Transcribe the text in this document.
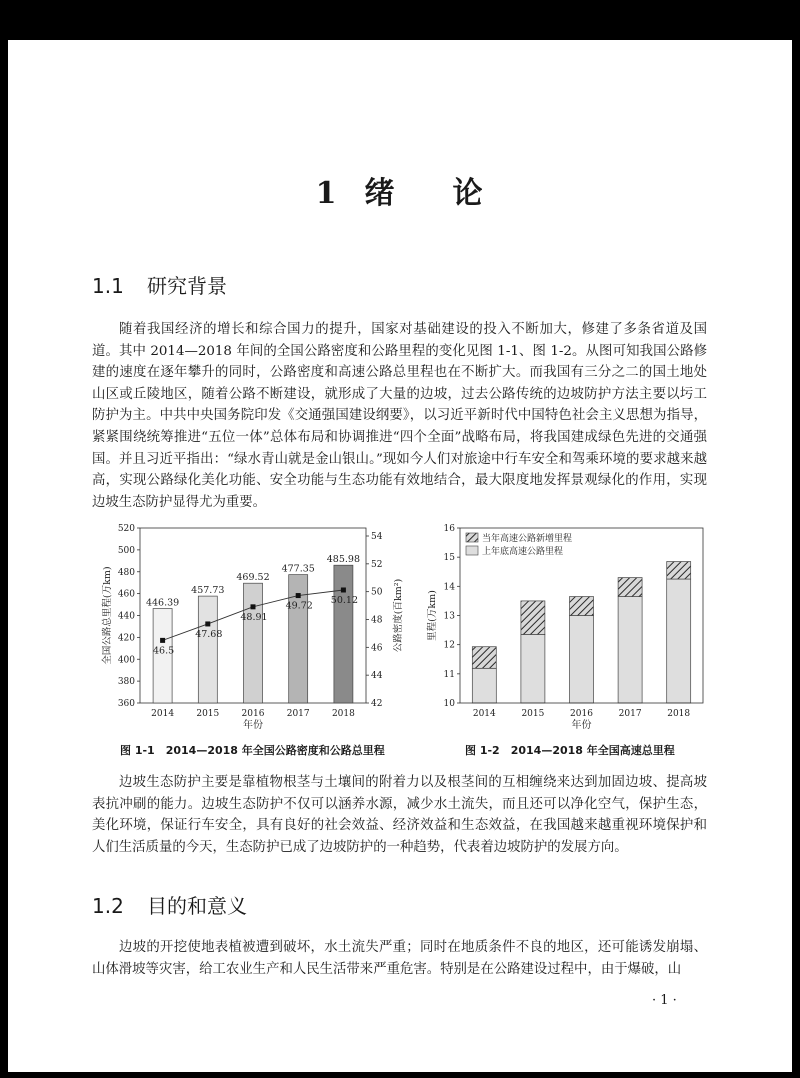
1 绪 论
1.1 研究背景
随着我国经济的增长和综合国力的提升，国家对基础建设的投入不断加大，修建了多条省道及国道。其中 2014—2018 年间的全国公路密度和公路里程的变化见图 1-1、图 1-2。从图可知我国公路修建的速度在逐年攀升的同时，公路密度和高速公路总里程也在不断扩大。而我国有三分之二的国土地处山区或丘陵地区，随着公路不断建设，就形成了大量的边坡，过去公路传统的边坡防护方法主要以圬工防护为主。中共中央国务院印发《交通强国建设纲要》，以习近平新时代中国特色社会主义思想为指导，紧紧围绕统筹推进“五位一体”总体布局和协调推进“四个全面”战略布局，将我国建成绿色先进的交通强国。并且习近平指出：“绿水青山就是金山银山。”现如今人们对旅途中行车安全和驾乘环境的要求越来越高，实现公路绿化美化功能、安全功能与生态功能有效地结合，最大限度地发挥景观绿化的作用，实现边坡生态防护显得尤为重要。
360
380
400
420
440
460
480
500
520
42
44
46
48
50
52
54
2014 2015 2016 2017 2018
446.39
457.73
469.52
477.35
485.98
46.5
47.68
48.91
49.72
50.12
年份
全国公路总里程(万km)	公路密度(百km²)
图 1-1　2014—2018 年全国公路密度和公路总里程
10
11
12
13
14
15
16
2014	2015	2016	2017	2018
当年高速公路新增里程
上年底高速公路里程
年份
里程(万km)
图 1-2　2014—2018 年全国高速总里程
边坡生态防护主要是靠植物根茎与土壤间的附着力以及根茎间的互相缠绕来达到加固边坡、提高坡表抗冲刷的能力。边坡生态防护不仅可以涵养水源，减少水土流失，而且还可以净化空气，保护生态，美化环境，保证行车安全，具有良好的社会效益、经济效益和生态效益，在我国越来越重视环境保护和人们生活质量的今天，生态防护已成了边坡防护的一种趋势，代表着边坡防护的发展方向。
1.2 目的和意义
边坡的开挖使地表植被遭到破坏，水土流失严重；同时在地质条件不良的地区，还可能诱发崩塌、山体滑坡等灾害，给工农业生产和人民生活带来严重危害。特别是在公路建设过程中，由于爆破，山
· 1 ·
